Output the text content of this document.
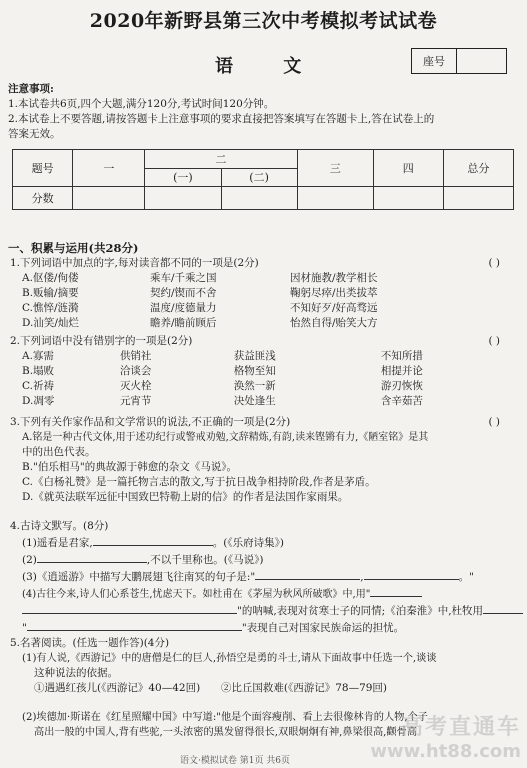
2020年新野县第三次中考模拟考试试卷
语 文	座号
注意事项:
1.本试卷共6页,四个大题,满分120分,考试时间120分钟。
2.本试卷上不要答题,请按答题卡上注意事项的要求直接把答案填写在答题卡上,答在试卷上的
答案无效。
题号	一	二		三	四	总分
		(一)	(二)			
分数						
一、积累与运用(共28分)
1.下列词语中加点的字,每对读音都不同的一项是(2分)	( )
A.伛偻/佝偻	乘车/千乘之国	因材施教/教学相长
B.贩输/摘要	契约/锲而不舍	鞠躬尽瘁/出类拔萃
C.憔悴/涟漪	温度/度德量力	不知好歹/好高骛远
D.汕笑/灿烂	瞻养/瞻前顾后	怡然自得/贻笑大方
2.下列词语中没有错别字的一项是(2分)	( )
A.寡需	供销社	获益匪浅	不知所措
B.塌败	洽谈会	格物至知	相提并论
C.祈祷	灭火栓	涣然一新	游刃恢恢
D.凋零	元宵节	决处逢生	含辛茹苦
3.下列有关作家作品和文学常识的说法,不正确的一项是(2分)	( )
A.铭是一种古代文体,用于述功纪行或警戒劝勉,文辞精炼,有韵,读来铿锵有力,《陋室铭》是其
中的出色代表。
B."伯乐相马"的典故源于韩愈的杂文《马说》。
C.《白杨礼赞》是一篇托物言志的散文,写于抗日战争相持阶段,作者是茅盾。
D.《就英法联军远征中国致巴特勒上尉的信》的作者是法国作家雨果。
4.古诗文默写。(8分)
(1)遥看是君家,	。(《乐府诗集》)
(2)	,不以千里称也。(《马说》)
(3)《逍遥游》中描写大鹏展翅飞往南冥的句子是:"	,	。"
(4)古往今来,诗人们心系苍生,忧虑天下。如杜甫在《茅屋为秋风所破歌》中,用"
"的呐喊,表现对贫寒士子的同情;《泊秦淮》中,杜牧用
"	"表现自己对国家民族命运的担忧。
5.名著阅读。(任选一题作答)(4分)
(1)有人说,《西游记》中的唐僧是仁的巨人,孙悟空是勇的斗士,请从下面故事中任选一个,谈谈
这种说法的依据。
①遇遇红孩儿(《西游记》40—42回) ②比丘国救难(《西游记》78—79回)
(2)埃德加·斯诺在《红星照耀中国》中写道:"他是个面容瘦削、看上去很像林肯的人物,个子
高出一般的中国人,背有些驼,一头浓密的黑发留得很长,双眼炯炯有神,鼻梁很高,颧骨高
语文·模拟试卷 第1页 共6页
高考直通车
www.ht88.com
